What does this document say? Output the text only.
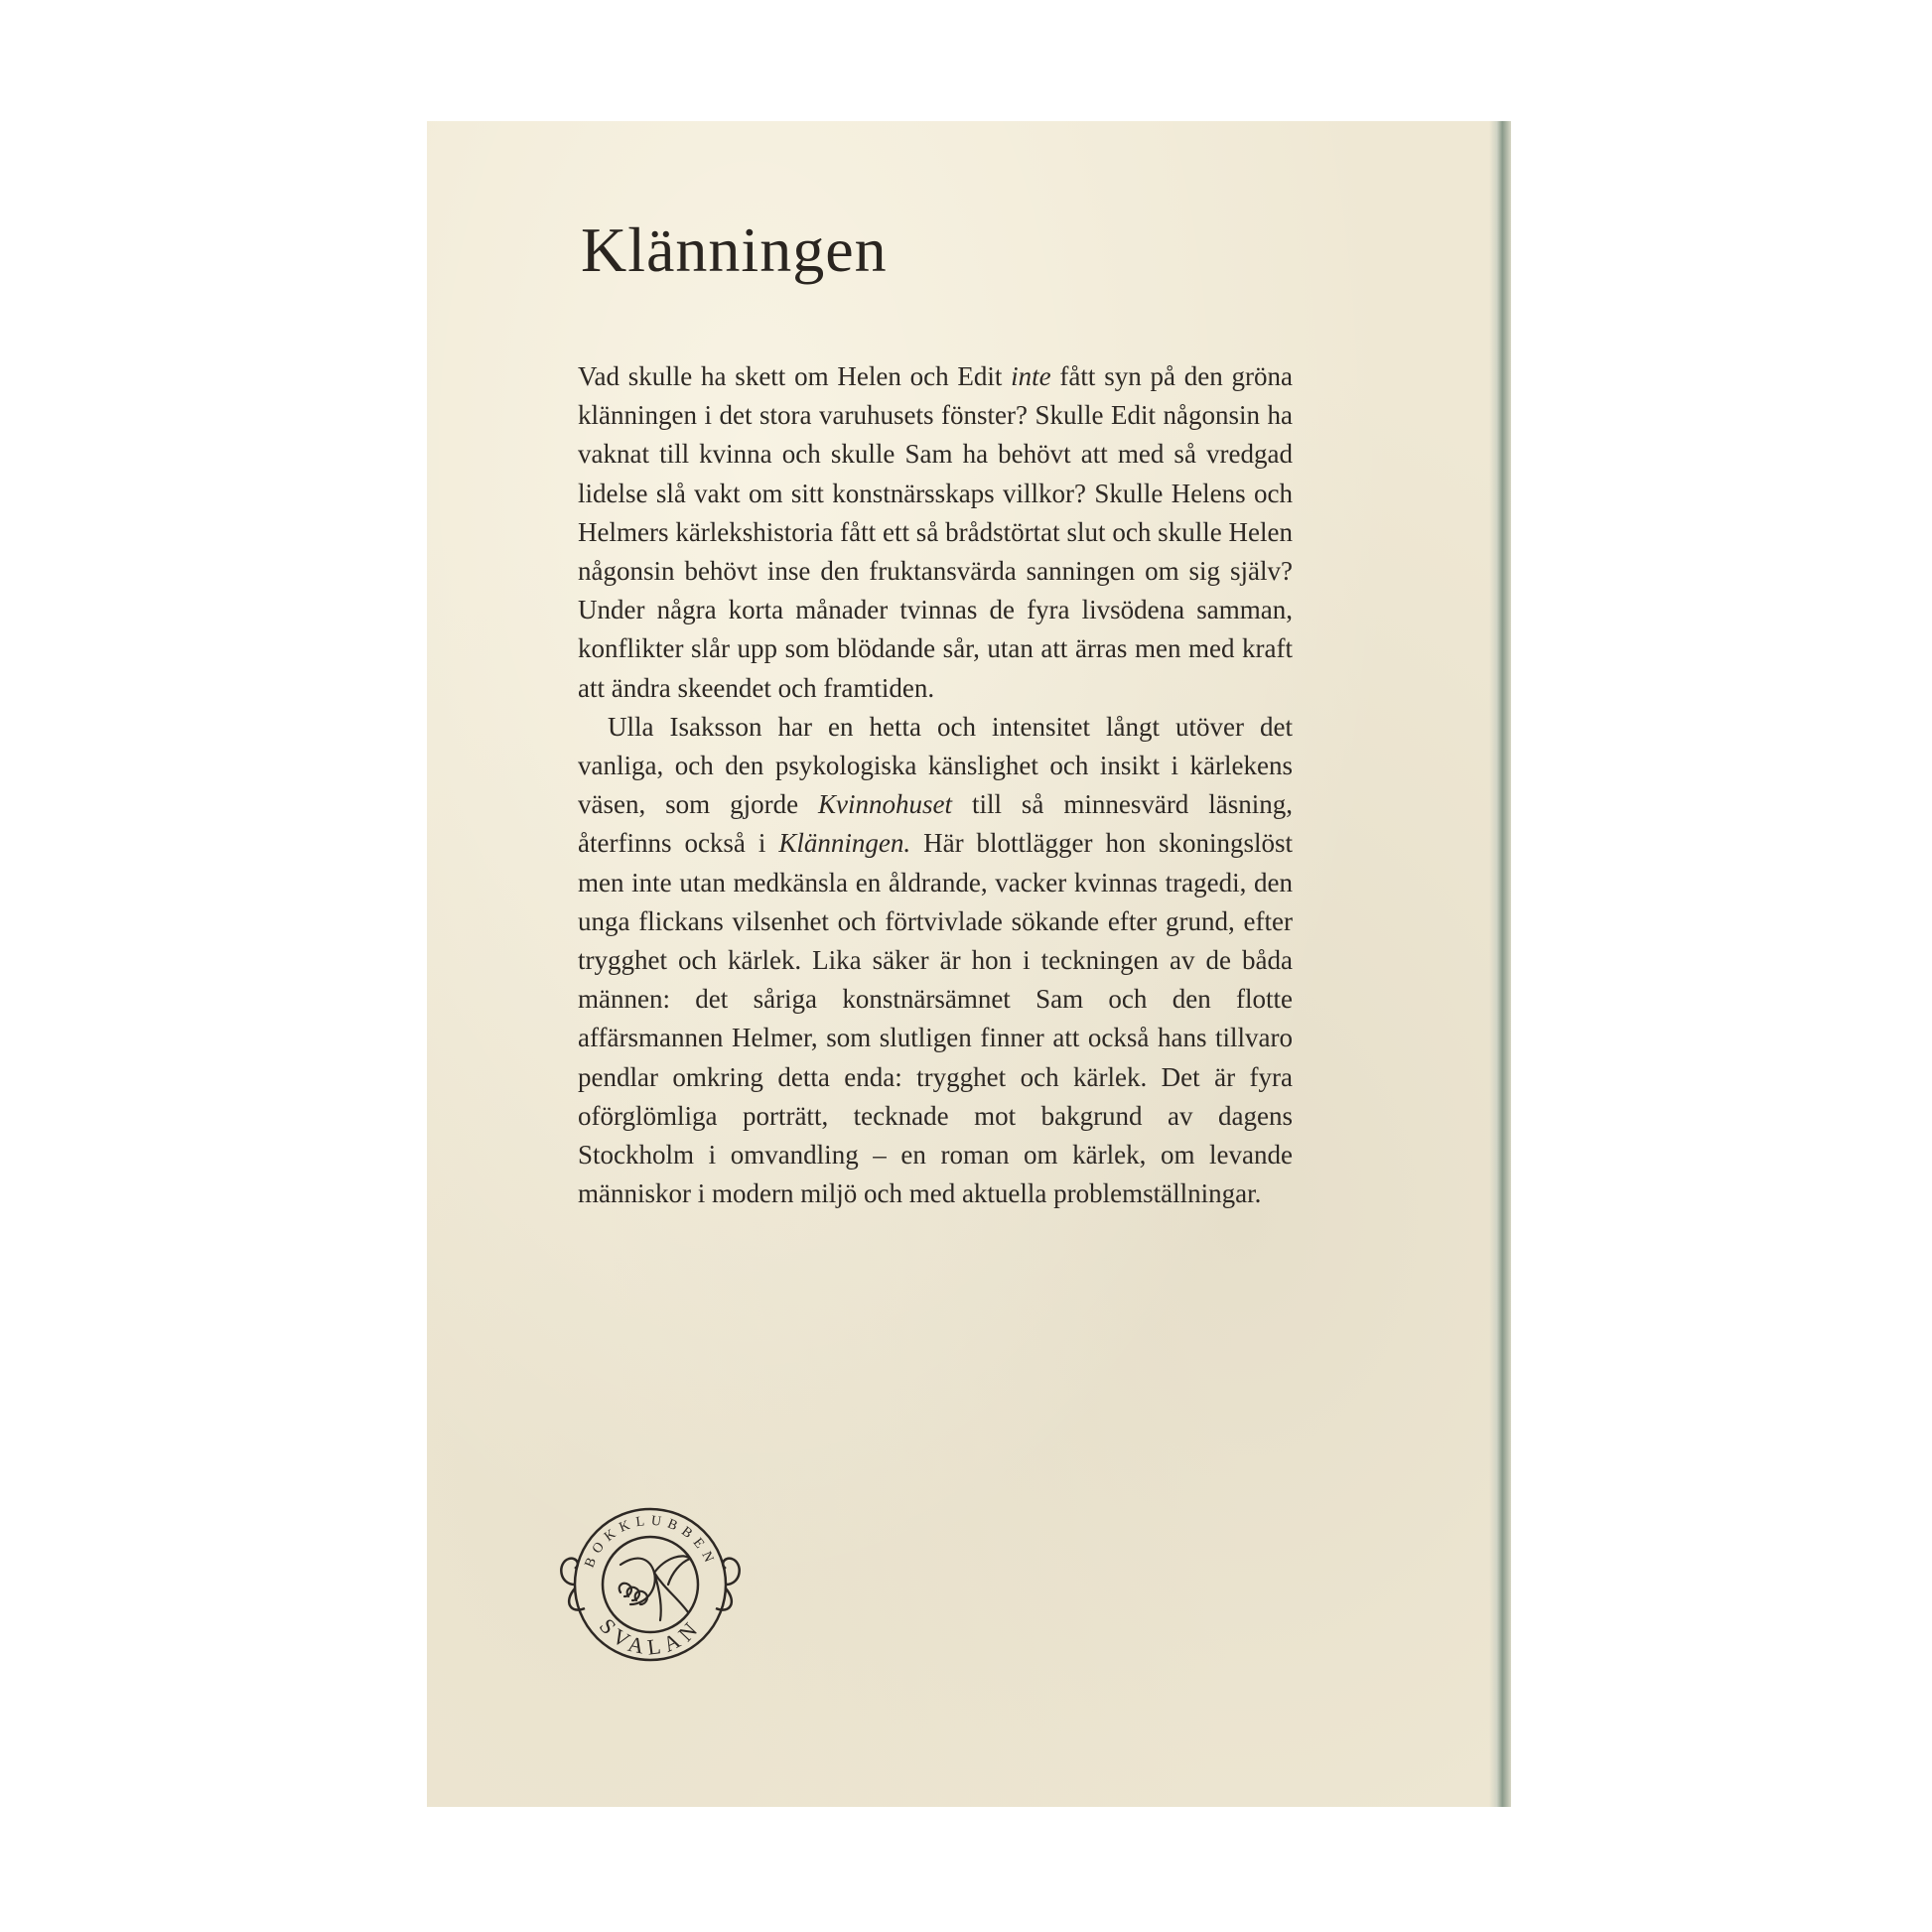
Klänningen

Vad skulle ha skett om Helen och Edit inte fått syn på den gröna klänningen i det stora varuhusets fönster? Skulle Edit någonsin ha vaknat till kvinna och skulle Sam ha behövt att med så vredgad lidelse slå vakt om sitt konstnärsskaps villkor? Skulle Helens och Helmers kärlekshistoria fått ett så brådstörtat slut och skulle Helen någonsin behövt inse den fruktansvärda sanningen om sig själv? Under några korta månader tvinnas de fyra livsödena samman, konflikter slår upp som blödande sår, utan att ärras men med kraft att ändra skeendet och framtiden.

Ulla Isaksson har en hetta och intensitet långt utöver det vanliga, och den psykologiska känslighet och insikt i kärlekens väsen, som gjorde Kvinnohuset till så minnesvärd läsning, återfinns också i Klänningen. Här blottlägger hon skoningslöst men inte utan medkänsla en åldrande, vacker kvinnas tragedi, den unga flickans vilsenhet och förtvivlade sökande efter grund, efter trygghet och kärlek. Lika säker är hon i teckningen av de båda männen: det såriga konstnärsämnet Sam och den flotte affärsmannen Helmer, som slutligen finner att också hans tillvaro pendlar omkring detta enda: trygghet och kärlek. Det är fyra oförglömliga porträtt, tecknade mot bakgrund av dagens Stockholm i omvandling – en roman om kärlek, om levande människor i modern miljö och med aktuella problemställningar.

BOKKLUBBEN
SVALAN
